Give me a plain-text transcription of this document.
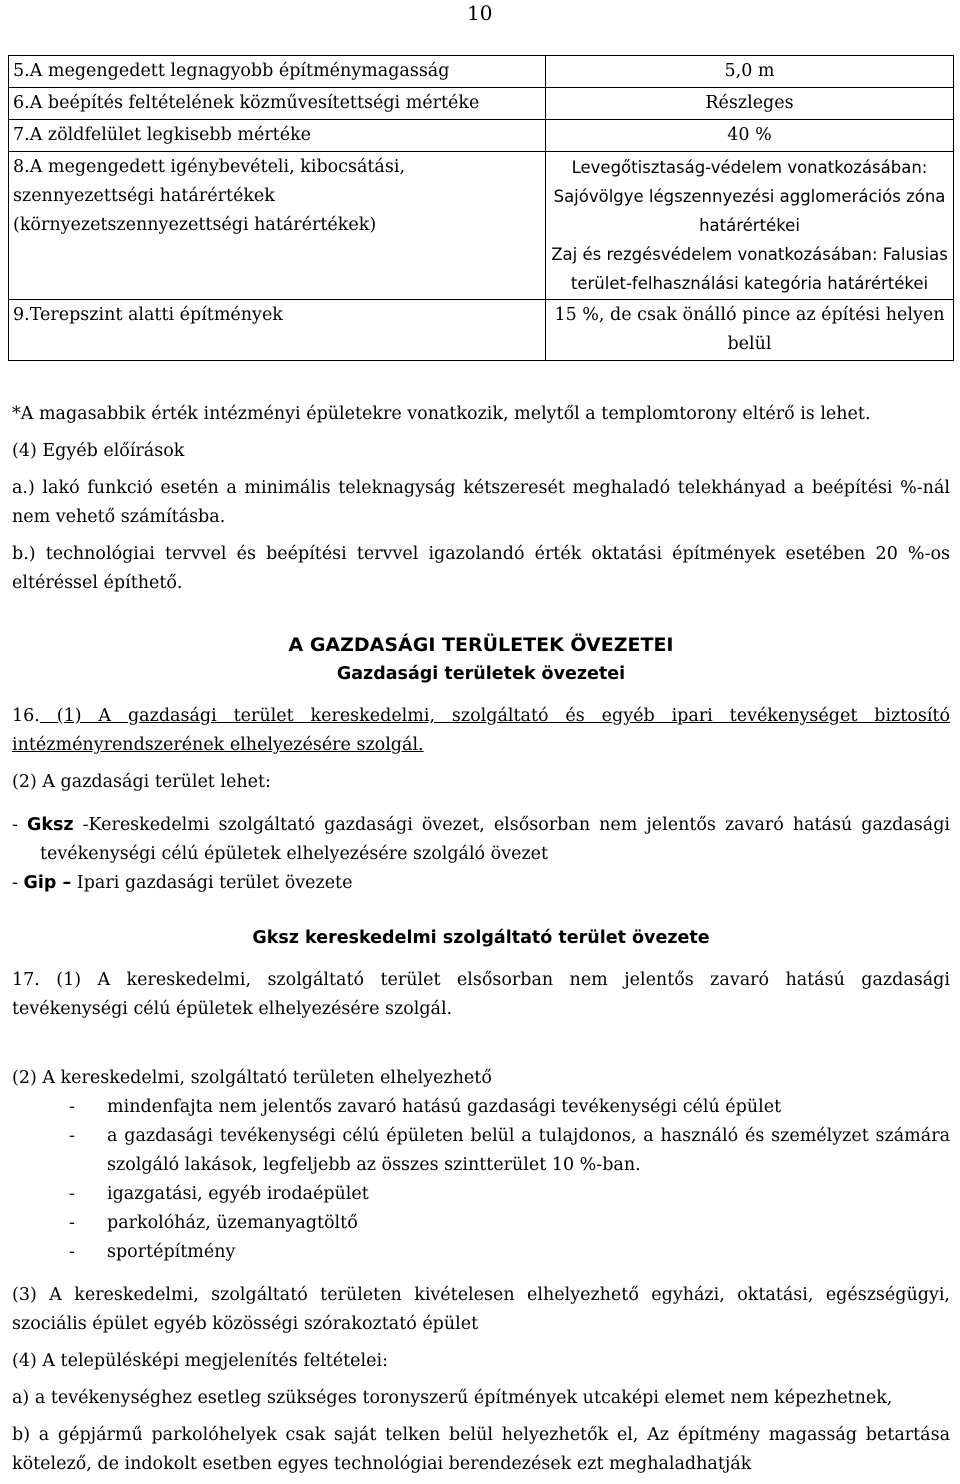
10
5.A megengedett legnagyobb építménymagasság	5,0 m
6.A beépítés feltételének közművesítettségi mértéke	Részleges
7.A zöldfelület legkisebb mértéke	40 %
8.A megengedett igénybevételi, kibocsátási, szennyezettségi határértékek (környezetszennyezettségi határértékek)	Levegőtisztaság-védelem vonatkozásában: Sajóvölgye légszennyezési agglomerációs zóna határértékei
Zaj és rezgésvédelem vonatkozásában: Falusias terület-felhasználási kategória határértékei

9.Terepszint alatti építmények	15 %, de csak önálló pince az építési helyen belül

*A magasabbik érték intézményi épületekre vonatkozik, melytől a templomtorony eltérő is lehet.

(4) Egyéb előírások

a.) lakó funkció esetén a minimális teleknagyság kétszeresét meghaladó telekhányad a beépítési %-nál nem vehető számításba.

b.) technológiai tervvel és beépítési tervvel igazolandó érték oktatási építmények esetében 20 %-os eltéréssel építhető.

A GAZDASÁGI TERÜLETEK ÖVEZETEI
Gazdasági területek övezetei

16. (1) A gazdasági terület kereskedelmi, szolgáltató és egyéb ipari tevékenységet biztosító intézményrendszerének elhelyezésére szolgál.

(2) A gazdasági terület lehet:

- Gksz -Kereskedelmi szolgáltató gazdasági övezet, elsősorban nem jelentős zavaró hatású gazdasági tevékenységi célú épületek elhelyezésére szolgáló övezet
- Gip – Ipari gazdasági terület övezete
Gksz kereskedelmi szolgáltató terület övezete

17. (1) A kereskedelmi, szolgáltató terület elsősorban nem jelentős zavaró hatású gazdasági tevékenységi célú épületek elhelyezésére szolgál.

(2) A kereskedelmi, szolgáltató területen elhelyezhető

- mindenfajta nem jelentős zavaró hatású gazdasági tevékenységi célú épület
- a gazdasági tevékenységi célú épületen belül a tulajdonos, a használó és személyzet számára szolgáló lakások, legfeljebb az összes szintterület 10 %-ban.
- igazgatási, egyéb irodaépület
- parkolóház, üzemanyagtöltő
- sportépítmény

(3) A kereskedelmi, szolgáltató területen kivételesen elhelyezhető egyházi, oktatási, egészségügyi, szociális épület egyéb közösségi szórakoztató épület

(4) A településképi megjelenítés feltételei:

a) a tevékenységhez esetleg szükséges toronyszerű építmények utcaképi elemet nem képezhetnek,

b) a gépjármű parkolóhelyek csak saját telken belül helyezhetők el, Az építmény magasság betartása kötelező, de indokolt esetben egyes technológiai berendezések ezt meghaladhatják
